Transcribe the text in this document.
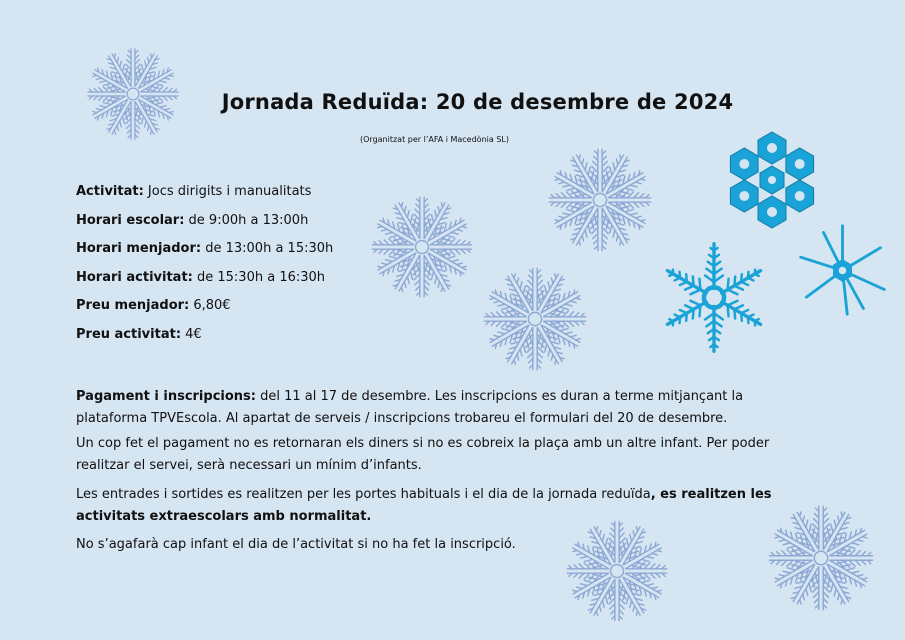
Jornada Reduïda: 20 de desembre de 2024
(Organitzat per l’AFA i Macedònia SL)
Activitat: Jocs dirigits i manualitats
Horari escolar: de 9:00h a 13:00h
Horari menjador: de 13:00h a 15:30h
Horari activitat: de 15:30h a 16:30h
Preu menjador: 6,80€
Preu activitat: 4€
Pagament i inscripcions: del 11 al 17 de desembre. Les inscripcions es duran a terme mitjançant la plataforma TPVEscola. Al apartat de serveis / inscripcions trobareu el formulari del 20 de desembre.
Un cop fet el pagament no es retornaran els diners si no es cobreix la plaça amb un altre infant. Per poder realitzar el servei, serà necessari un mínim d’infants.
Les entrades i sortides es realitzen per les portes habituals i el dia de la jornada reduïda, es realitzen les activitats extraescolars amb normalitat.
No s’agafarà cap infant el dia de l’activitat si no ha fet la inscripció.
